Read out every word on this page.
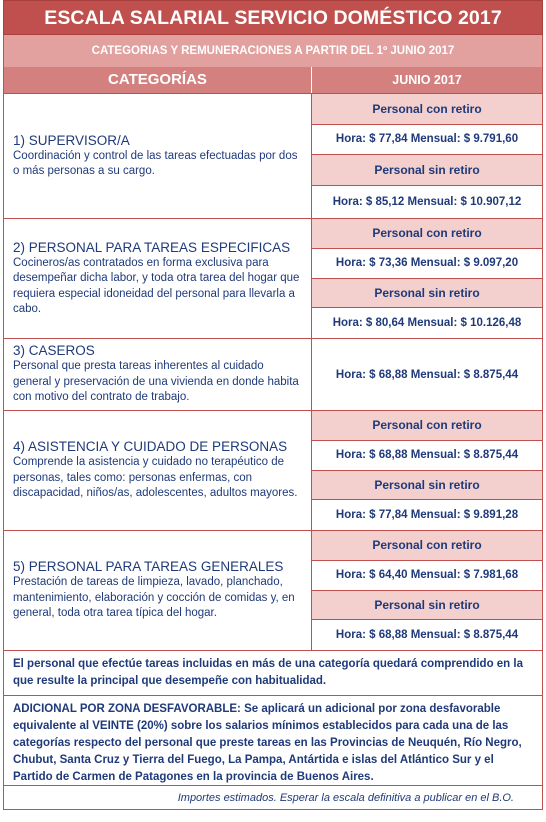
ESCALA SALARIAL SERVICIO DOMÉSTICO 2017
CATEGORIAS Y REMUNERACIONES A PARTIR DEL 1º JUNIO 2017
CATEGORÍAS	JUNIO 2017
1) SUPERVISOR/A
Coordinación y control de las tareas efectuadas por dos o más personas a su cargo.
Personal con retiro
Hora: $ 77,84 Mensual: $ 9.791,60
Personal sin retiro
Hora: $ 85,12 Mensual: $ 10.907,12
2) PERSONAL PARA TAREAS ESPECIFICAS
Cocineros/as contratados en forma exclusiva para desempeñar dicha labor, y toda otra tarea del hogar que requiera especial idoneidad del personal para llevarla a cabo.
Personal con retiro
Hora: $ 73,36 Mensual: $ 9.097,20
Personal sin retiro
Hora: $ 80,64 Mensual: $ 10.126,48
3) CASEROS
Personal que presta tareas inherentes al cuidado general y preservación de una vivienda en donde habita con motivo del contrato de trabajo.
Hora: $ 68,88 Mensual: $ 8.875,44
4) ASISTENCIA Y CUIDADO DE PERSONAS
Comprende la asistencia y cuidado no terapéutico de personas, tales como: personas enfermas, con discapacidad, niños/as, adolescentes, adultos mayores.
Personal con retiro
Hora: $ 68,88 Mensual: $ 8.875,44
Personal sin retiro
Hora: $ 77,84 Mensual: $ 9.891,28
5) PERSONAL PARA TAREAS GENERALES
Prestación de tareas de limpieza, lavado, planchado, mantenimiento, elaboración y cocción de comidas y, en general, toda otra tarea típica del hogar.
Personal con retiro
Hora: $ 64,40 Mensual: $ 7.981,68
Personal sin retiro
Hora: $ 68,88 Mensual: $ 8.875,44
El personal que efectúe tareas incluidas en más de una categoría quedará comprendido en la que resulte la principal que desempeñe con habitualidad.
ADICIONAL POR ZONA DESFAVORABLE: Se aplicará un adicional por zona desfavorable equivalente al VEINTE (20%) sobre los salarios mínimos establecidos para cada una de las categorías respecto del personal que preste tareas en las Provincias de Neuquén, Río Negro, Chubut, Santa Cruz y Tierra del Fuego, La Pampa, Antártida e islas del Atlántico Sur y el Partido de Carmen de Patagones en la provincia de Buenos Aires.
Importes estimados. Esperar la escala definitiva a publicar en el B.O.
